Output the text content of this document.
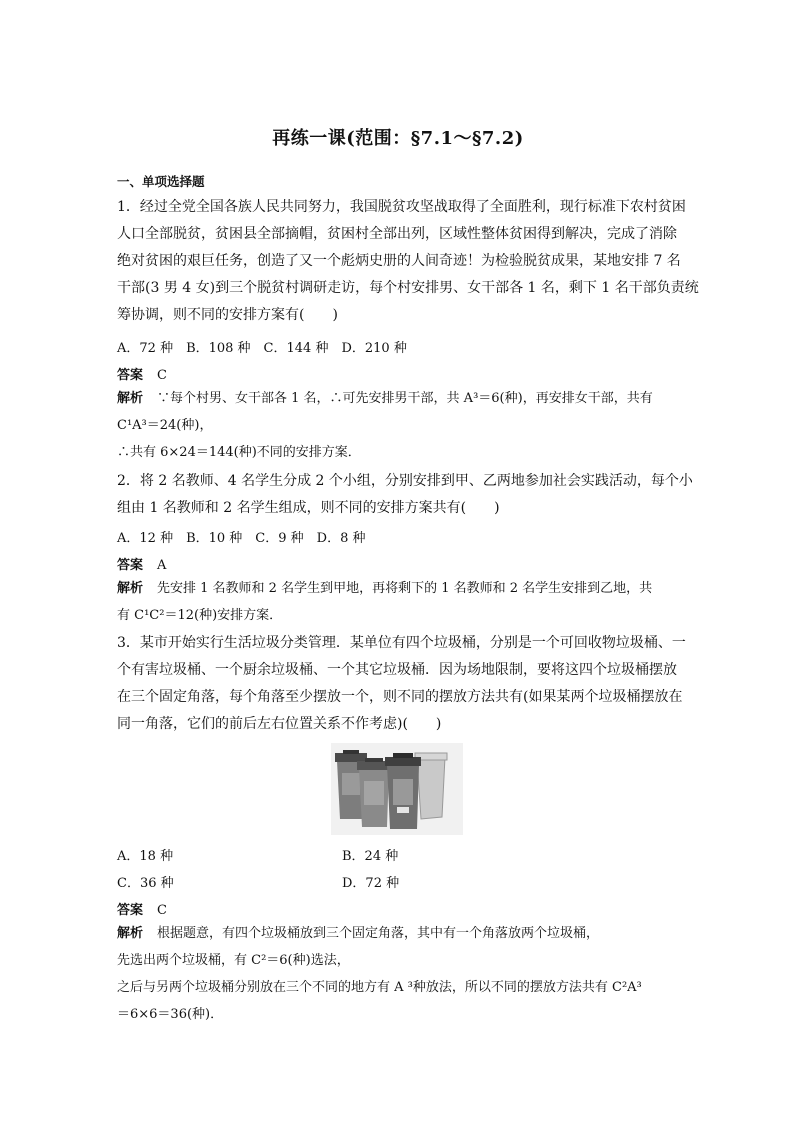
再练一课(范围：§7.1～§7.2)
一、单项选择题
1．经过全党全国各族人民共同努力，我国脱贫攻坚战取得了全面胜利，现行标准下农村贫困
人口全部脱贫，贫困县全部摘帽，贫困村全部出列，区域性整体贫困得到解决，完成了消除
绝对贫困的艰巨任务，创造了又一个彪炳史册的人间奇迹！为检验脱贫成果，某地安排 7 名
干部(3 男 4 女)到三个脱贫村调研走访，每个村安排男、女干部各 1 名，剩下 1 名干部负责统
筹协调，则不同的安排方案有(　　)
A．72 种　B．108 种　C．144 种　D．210 种
答案 C
解析 ∵每个村男、女干部各 1 名，∴可先安排男干部，共 A³＝6(种)，再安排女干部，共有
C¹A³＝24(种)，
∴共有 6×24＝144(种)不同的安排方案．
2．将 2 名教师、4 名学生分成 2 个小组，分别安排到甲、乙两地参加社会实践活动，每个小
组由 1 名教师和 2 名学生组成，则不同的安排方案共有(　　)
A．12 种　B．10 种　C．9 种　D．8 种
答案 A
解析 先安排 1 名教师和 2 名学生到甲地，再将剩下的 1 名教师和 2 名学生安排到乙地，共
有 C¹C²＝12(种)安排方案．
3．某市开始实行生活垃圾分类管理．某单位有四个垃圾桶，分别是一个可回收物垃圾桶、一
个有害垃圾桶、一个厨余垃圾桶、一个其它垃圾桶．因为场地限制，要将这四个垃圾桶摆放
在三个固定角落，每个角落至少摆放一个，则不同的摆放方法共有(如果某两个垃圾桶摆放在
同一角落，它们的前后左右位置关系不作考虑)(　　)
A．18 种	B．24 种
C．36 种	D．72 种
答案 C
解析 根据题意，有四个垃圾桶放到三个固定角落，其中有一个角落放两个垃圾桶，
先选出两个垃圾桶，有 C²＝6(种)选法，
之后与另两个垃圾桶分别放在三个不同的地方有 A ³种放法，所以不同的摆放方法共有 C²A³
＝6×6＝36(种)．
